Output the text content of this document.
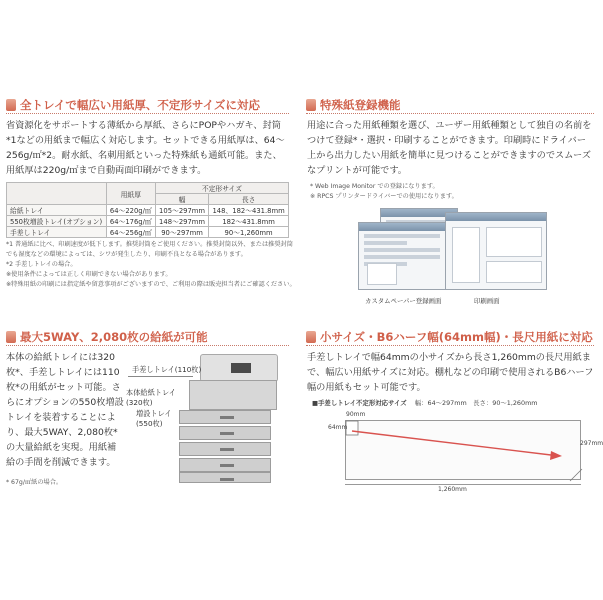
全トレイで幅広い用紙厚、不定形サイズに対応
省資源化をサポートする薄紙から厚紙、さらにPOPやハガキ、封筒*1などの用紙まで幅広く対応します。セットできる用紙厚は、64～256g/㎡*2。耐水紙、名刺用紙といった特殊紙も通紙可能。また、用紙厚は220g/㎡まで自動両面印刷ができます。
	用紙厚	不定形サイズ	
		幅	長さ
給紙トレイ	64～220g/㎡	105～297mm	148、182～431.8mm
550枚増設トレイ(オプション)	64～176g/㎡	148～297mm	182～431.8mm
手差しトレイ	64～256g/㎡	90～297mm	90～1,260mm
*1 普通紙に比べ、印刷速度が低下します。推奨封筒をご使用ください。推奨封筒以外、または推奨封筒でも湿度などの環境によっては、シワが発生したり、印刷不良となる場合があります。
*2 手差しトレイの場合。
※使用条件によっては正しく印刷できない場合があります。
※特殊用紙の印刷には指定紙や留意事項がございますので、ご利用の際は販売担当者にご確認ください。
特殊紙登録機能
用途に合った用紙種類を選び、ユーザー用紙種類として独自の名前をつけて登録*・選択・印刷することができます。印刷時にドライバー上から出力したい用紙を簡単に見つけることができますのでスムーズなプリントが可能です。
* Web Image Monitor での登録になります。
※ RPCS プリンタードライバーでの使用になります。
カスタムペーパー登録画面	印刷画面
最大5WAY、2,080枚の給紙が可能
本体の給紙トレイには320枚*、手差しトレイには110枚*の用紙がセット可能。さらにオプションの550枚増設トレイを装着することにより、最大5WAY、2,080枚*の大量給紙を実現。用紙補給の手間を削減できます。
* 67g/㎡紙の場合。
手差しトレイ(110枚)
本体給紙トレイ(320枚)
増設トレイ(550枚)
小サイズ・B6ハーフ幅(64mm幅)・長尺用紙に対応
手差しトレイで幅64mmの小サイズから長さ1,260mmの長尺用紙まで、幅広い用紙サイズに対応。棚札などの印刷で使用されるB6ハーフ幅の用紙もセット可能です。
■手差しトレイ不定形対応サイズ 幅：64～297mm　長さ：90～1,260mm
90mm
64mm
297mm
1,260mm
